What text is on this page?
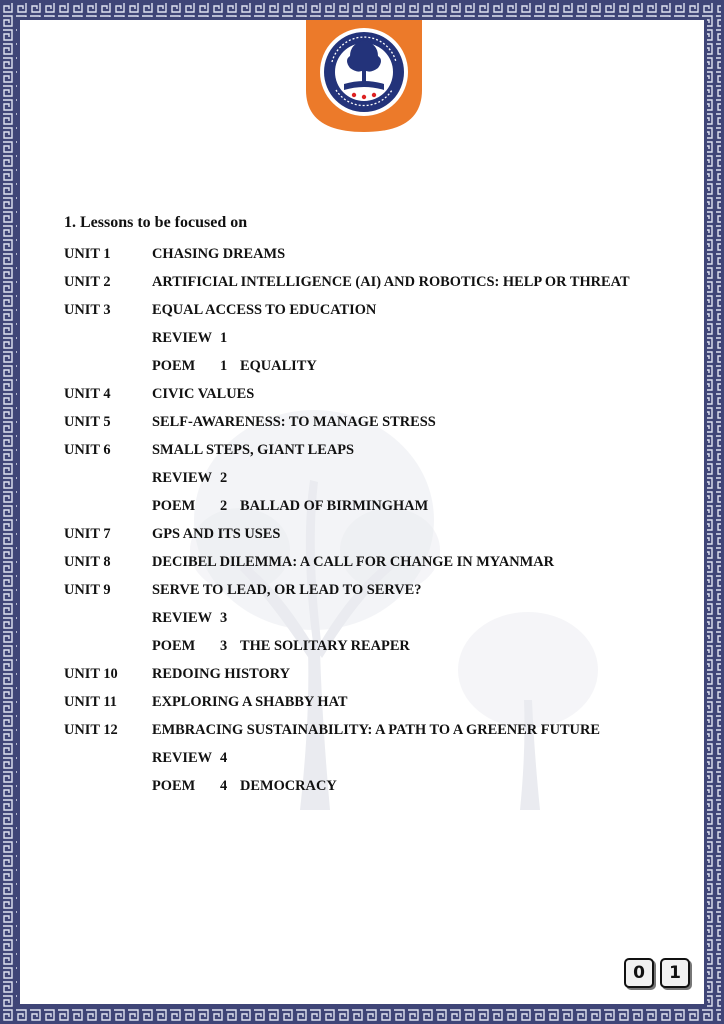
1. Lessons to be focused on
UNIT 1	CHASING DREAMS
UNIT 2	ARTIFICIAL INTELLIGENCE (AI) AND ROBOTICS: HELP OR THREAT
UNIT 3	EQUAL ACCESS TO EDUCATION
REVIEW 1
POEM	1 EQUALITY
UNIT 4	CIVIC VALUES
UNIT 5	SELF-AWARENESS: TO MANAGE STRESS
UNIT 6	SMALL STEPS, GIANT LEAPS
REVIEW 2
POEM	2 BALLAD OF BIRMINGHAM
UNIT 7	GPS AND ITS USES
UNIT 8	DECIBEL DILEMMA: A CALL FOR CHANGE IN MYANMAR
UNIT 9	SERVE TO LEAD, OR LEAD TO SERVE?
REVIEW 3
POEM	3 THE SOLITARY REAPER
UNIT 10	REDOING HISTORY
UNIT 11	EXPLORING A SHABBY HAT
UNIT 12	EMBRACING SUSTAINABILITY: A PATH TO A GREENER FUTURE
REVIEW 4
POEM	4 DEMOCRACY
0	1
